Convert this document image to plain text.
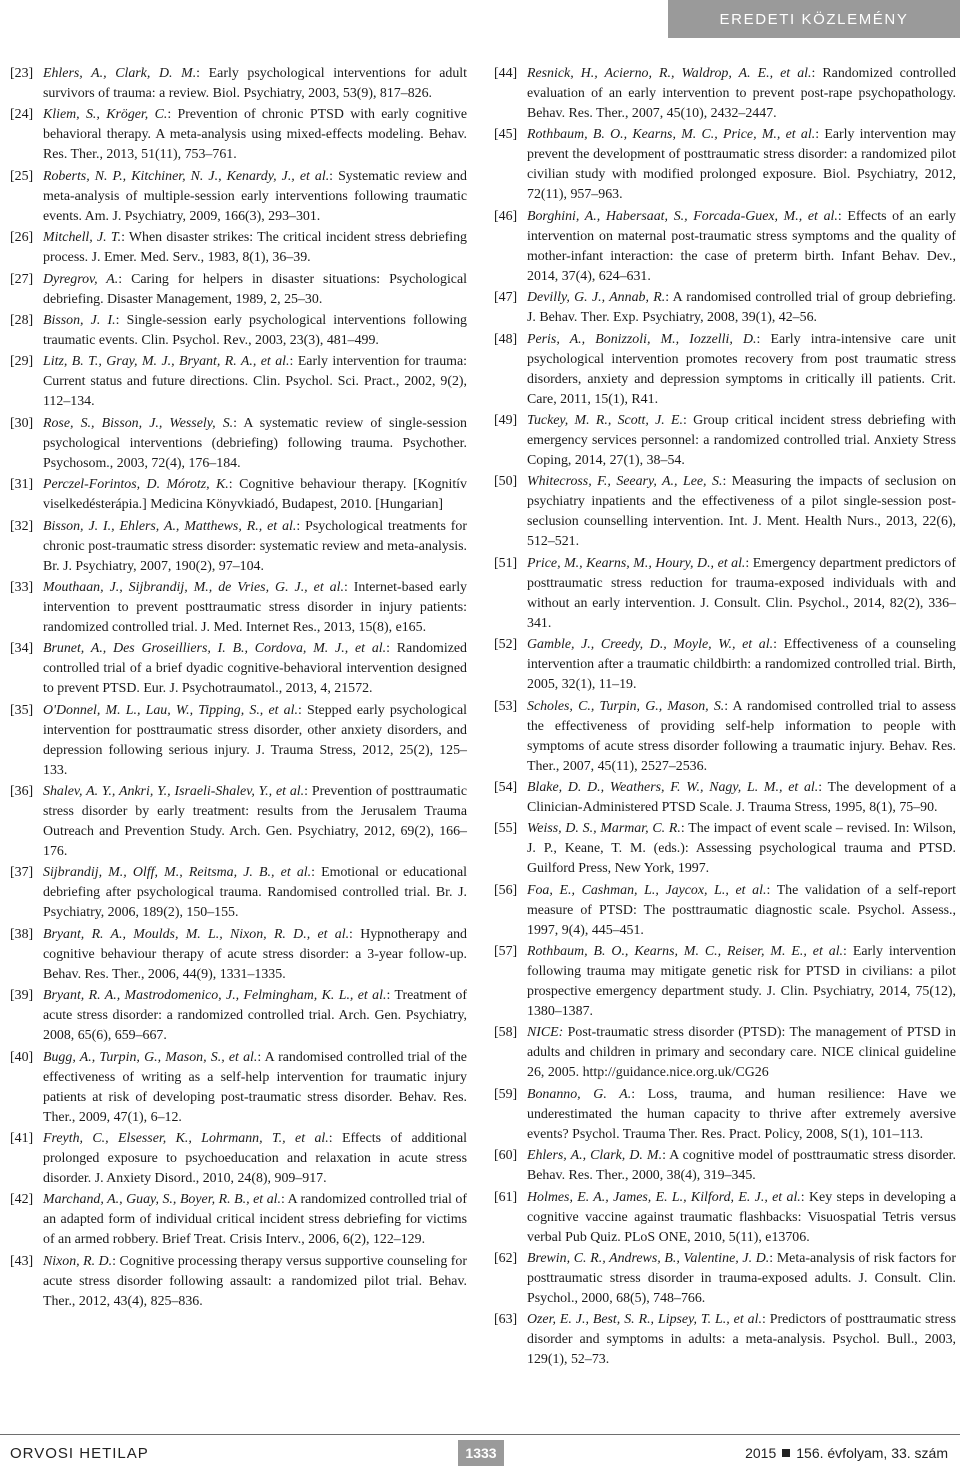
EREDETI KÖZLEMÉNY
[23] Ehlers, A., Clark, D. M.: Early psychological interventions for adult survivors of trauma: a review. Biol. Psychiatry, 2003, 53(9), 817–826.
[24] Kliem, S., Kröger, C.: Prevention of chronic PTSD with early cognitive behavioral therapy. A meta-analysis using mixed-effects modeling. Behav. Res. Ther., 2013, 51(11), 753–761.
[25] Roberts, N. P., Kitchiner, N. J., Kenardy, J., et al.: Systematic review and meta-analysis of multiple-session early interventions following traumatic events. Am. J. Psychiatry, 2009, 166(3), 293–301.
[26] Mitchell, J. T.: When disaster strikes: The critical incident stress debriefing process. J. Emer. Med. Serv., 1983, 8(1), 36–39.
[27] Dyregrov, A.: Caring for helpers in disaster situations: Psychological debriefing. Disaster Management, 1989, 2, 25–30.
[28] Bisson, J. I.: Single-session early psychological interventions following traumatic events. Clin. Psychol. Rev., 2003, 23(3), 481–499.
[29] Litz, B. T., Gray, M. J., Bryant, R. A., et al.: Early intervention for trauma: Current status and future directions. Clin. Psychol. Sci. Pract., 2002, 9(2), 112–134.
[30] Rose, S., Bisson, J., Wessely, S.: A systematic review of single-session psychological interventions (debriefing) following trauma. Psychother. Psychosom., 2003, 72(4), 176–184.
[31] Perczel-Forintos, D. Mórotz, K.: Cognitive behaviour therapy. [Kognitív viselkedésterápia.] Medicina Könyvkiadó, Budapest, 2010. [Hungarian]
[32] Bisson, J. I., Ehlers, A., Matthews, R., et al.: Psychological treatments for chronic post-traumatic stress disorder: systematic review and meta-analysis. Br. J. Psychiatry, 2007, 190(2), 97–104.
[33] Mouthaan, J., Sijbrandij, M., de Vries, G. J., et al.: Internet-based early intervention to prevent posttraumatic stress disorder in injury patients: randomized controlled trial. J. Med. Internet Res., 2013, 15(8), e165.
[34] Brunet, A., Des Groseilliers, I. B., Cordova, M. J., et al.: Randomized controlled trial of a brief dyadic cognitive-behavioral intervention designed to prevent PTSD. Eur. J. Psychotraumatol., 2013, 4, 21572.
[35] O'Donnel, M. L., Lau, W., Tipping, S., et al.: Stepped early psychological intervention for posttraumatic stress disorder, other anxiety disorders, and depression following serious injury. J. Trauma Stress, 2012, 25(2), 125–133.
[36] Shalev, A. Y., Ankri, Y., Israeli-Shalev, Y., et al.: Prevention of posttraumatic stress disorder by early treatment: results from the Jerusalem Trauma Outreach and Prevention Study. Arch. Gen. Psychiatry, 2012, 69(2), 166–176.
[37] Sijbrandij, M., Olff, M., Reitsma, J. B., et al.: Emotional or educational debriefing after psychological trauma. Randomised controlled trial. Br. J. Psychiatry, 2006, 189(2), 150–155.
[38] Bryant, R. A., Moulds, M. L., Nixon, R. D., et al.: Hypnotherapy and cognitive behaviour therapy of acute stress disorder: a 3-year follow-up. Behav. Res. Ther., 2006, 44(9), 1331–1335.
[39] Bryant, R. A., Mastrodomenico, J., Felmingham, K. L., et al.: Treatment of acute stress disorder: a randomized controlled trial. Arch. Gen. Psychiatry, 2008, 65(6), 659–667.
[40] Bugg, A., Turpin, G., Mason, S., et al.: A randomised controlled trial of the effectiveness of writing as a self-help intervention for traumatic injury patients at risk of developing post-traumatic stress disorder. Behav. Res. Ther., 2009, 47(1), 6–12.
[41] Freyth, C., Elsesser, K., Lohrmann, T., et al.: Effects of additional prolonged exposure to psychoeducation and relaxation in acute stress disorder. J. Anxiety Disord., 2010, 24(8), 909–917.
[42] Marchand, A., Guay, S., Boyer, R. B., et al.: A randomized controlled trial of an adapted form of individual critical incident stress debriefing for victims of an armed robbery. Brief Treat. Crisis Interv., 2006, 6(2), 122–129.
[43] Nixon, R. D.: Cognitive processing therapy versus supportive counseling for acute stress disorder following assault: a randomized pilot trial. Behav. Ther., 2012, 43(4), 825–836.
[44] Resnick, H., Acierno, R., Waldrop, A. E., et al.: Randomized controlled evaluation of an early intervention to prevent post-rape psychopathology. Behav. Res. Ther., 2007, 45(10), 2432–2447.
[45] Rothbaum, B. O., Kearns, M. C., Price, M., et al.: Early intervention may prevent the development of posttraumatic stress disorder: a randomized pilot civilian study with modified prolonged exposure. Biol. Psychiatry, 2012, 72(11), 957–963.
[46] Borghini, A., Habersaat, S., Forcada-Guex, M., et al.: Effects of an early intervention on maternal post-traumatic stress symptoms and the quality of mother-infant interaction: the case of preterm birth. Infant Behav. Dev., 2014, 37(4), 624–631.
[47] Devilly, G. J., Annab, R.: A randomised controlled trial of group debriefing. J. Behav. Ther. Exp. Psychiatry, 2008, 39(1), 42–56.
[48] Peris, A., Bonizzoli, M., Iozzelli, D.: Early intra-intensive care unit psychological intervention promotes recovery from post traumatic stress disorders, anxiety and depression symptoms in critically ill patients. Crit. Care, 2011, 15(1), R41.
[49] Tuckey, M. R., Scott, J. E.: Group critical incident stress debriefing with emergency services personnel: a randomized controlled trial. Anxiety Stress Coping, 2014, 27(1), 38–54.
[50] Whitecross, F., Seeary, A., Lee, S.: Measuring the impacts of seclusion on psychiatry inpatients and the effectiveness of a pilot single-session post-seclusion counselling intervention. Int. J. Ment. Health Nurs., 2013, 22(6), 512–521.
[51] Price, M., Kearns, M., Houry, D., et al.: Emergency department predictors of posttraumatic stress reduction for trauma-exposed individuals with and without an early intervention. J. Consult. Clin. Psychol., 2014, 82(2), 336–341.
[52] Gamble, J., Creedy, D., Moyle, W., et al.: Effectiveness of a counseling intervention after a traumatic childbirth: a randomized controlled trial. Birth, 2005, 32(1), 11–19.
[53] Scholes, C., Turpin, G., Mason, S.: A randomised controlled trial to assess the effectiveness of providing self-help information to people with symptoms of acute stress disorder following a traumatic injury. Behav. Res. Ther., 2007, 45(11), 2527–2536.
[54] Blake, D. D., Weathers, F. W., Nagy, L. M., et al.: The development of a Clinician-Administered PTSD Scale. J. Trauma Stress, 1995, 8(1), 75–90.
[55] Weiss, D. S., Marmar, C. R.: The impact of event scale – revised. In: Wilson, J. P., Keane, T. M. (eds.): Assessing psychological trauma and PTSD. Guilford Press, New York, 1997.
[56] Foa, E., Cashman, L., Jaycox, L., et al.: The validation of a self-report measure of PTSD: The posttraumatic diagnostic scale. Psychol. Assess., 1997, 9(4), 445–451.
[57] Rothbaum, B. O., Kearns, M. C., Reiser, M. E., et al.: Early intervention following trauma may mitigate genetic risk for PTSD in civilians: a pilot prospective emergency department study. J. Clin. Psychiatry, 2014, 75(12), 1380–1387.
[58] NICE: Post-traumatic stress disorder (PTSD): The management of PTSD in adults and children in primary and secondary care. NICE clinical guideline 26, 2005. http://guidance.nice.org.uk/CG26
[59] Bonanno, G. A.: Loss, trauma, and human resilience: Have we underestimated the human capacity to thrive after extremely aversive events? Psychol. Trauma Ther. Res. Pract. Policy, 2008, S(1), 101–113.
[60] Ehlers, A., Clark, D. M.: A cognitive model of posttraumatic stress disorder. Behav. Res. Ther., 2000, 38(4), 319–345.
[61] Holmes, E. A., James, E. L., Kilford, E. J., et al.: Key steps in developing a cognitive vaccine against traumatic flashbacks: Visuospatial Tetris versus verbal Pub Quiz. PLoS ONE, 2010, 5(11), e13706.
[62] Brewin, C. R., Andrews, B., Valentine, J. D.: Meta-analysis of risk factors for posttraumatic stress disorder in trauma-exposed adults. J. Consult. Clin. Psychol., 2000, 68(5), 748–766.
[63] Ozer, E. J., Best, S. R., Lipsey, T. L., et al.: Predictors of posttraumatic stress disorder and symptoms in adults: a meta-analysis. Psychol. Bull., 2003, 129(1), 52–73.
ORVOSI HETILAP	1333	2015 156. évfolyam, 33. szám
